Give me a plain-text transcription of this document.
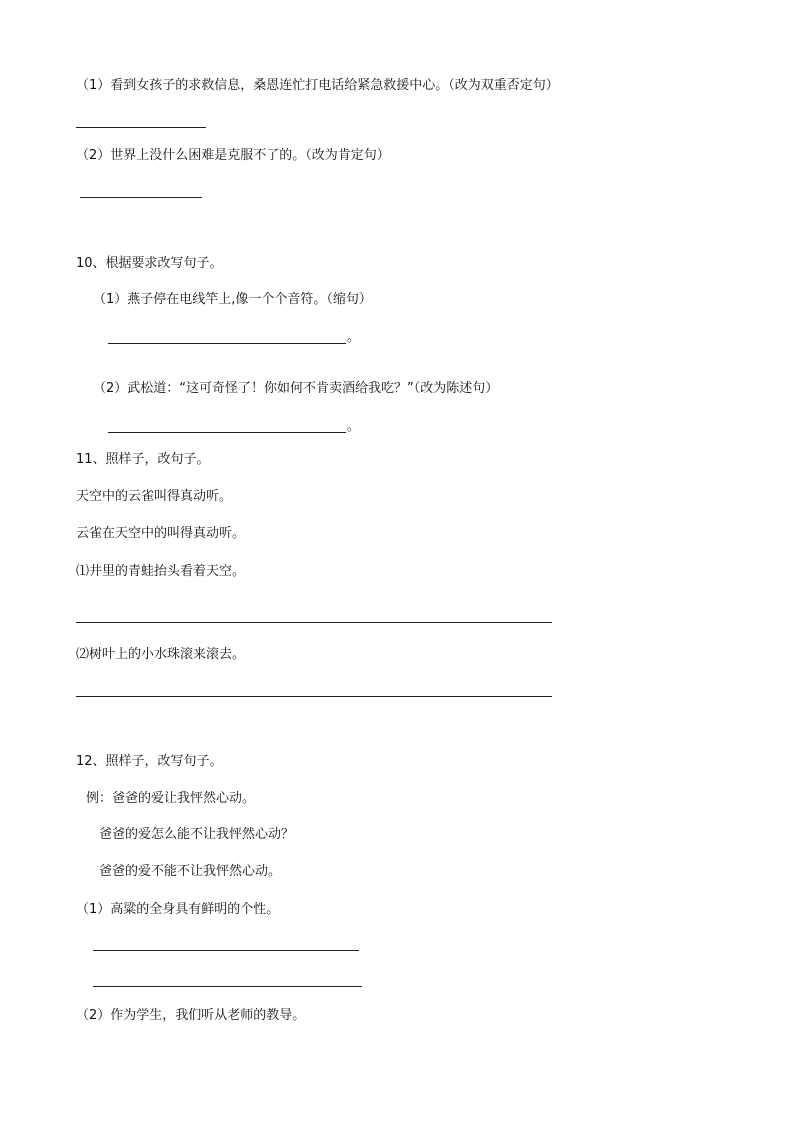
（1）看到女孩子的求救信息，桑恩连忙打电话给紧急救援中心。（改为双重否定句）
（2）世界上没什么困难是克服不了的。（改为肯定句）
10、根据要求改写句子。
（1）燕子停在电线竿上,像一个个音符。（缩句）
。
（2）武松道：“这可奇怪了！你如何不肯卖酒给我吃？”（改为陈述句）
。
11、照样子，改句子。
天空中的云雀叫得真动听。
云雀在天空中的叫得真动听。
⑴井里的青蛙抬头看着天空。
⑵树叶上的小水珠滚来滚去。
12、照样子，改写句子。
例：爸爸的爱让我怦然心动。
爸爸的爱怎么能不让我怦然心动？
爸爸的爱不能不让我怦然心动。
（1）高粱的全身具有鲜明的个性。
（2）作为学生，我们听从老师的教导。
